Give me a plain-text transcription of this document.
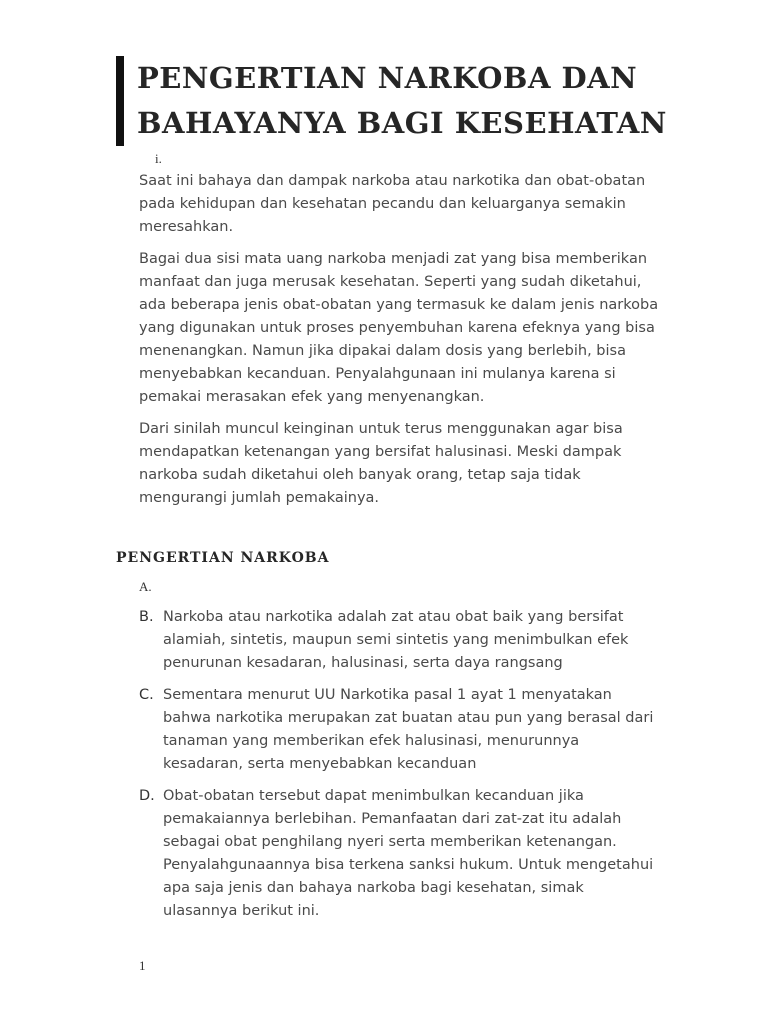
PENGERTIAN NARKOBA DAN BAHAYANYA BAGI KESEHATAN
i.

Saat ini bahaya dan dampak narkoba atau narkotika dan obat-obatan pada kehidupan dan kesehatan pecandu dan keluarganya semakin meresahkan.

Bagai dua sisi mata uang narkoba menjadi zat yang bisa memberikan manfaat dan juga merusak kesehatan. Seperti yang sudah diketahui, ada beberapa jenis obat-obatan yang termasuk ke dalam jenis narkoba yang digunakan untuk proses penyembuhan karena efeknya yang bisa menenangkan. Namun jika dipakai dalam dosis yang berlebih, bisa menyebabkan kecanduan. Penyalahgunaan ini mulanya karena si pemakai merasakan efek yang menyenangkan.

Dari sinilah muncul keinginan untuk terus menggunakan agar bisa mendapatkan ketenangan yang bersifat halusinasi. Meski dampak narkoba sudah diketahui oleh banyak orang, tetap saja tidak mengurangi jumlah pemakainya.

PENGERTIAN NARKOBA
A.
B. Narkoba atau narkotika adalah zat atau obat baik yang bersifat alamiah, sintetis, maupun semi sintetis yang menimbulkan efek penurunan kesadaran, halusinasi, serta daya rangsang
C. Sementara menurut UU Narkotika pasal 1 ayat 1 menyatakan bahwa narkotika merupakan zat buatan atau pun yang berasal dari tanaman yang memberikan efek halusinasi, menurunnya kesadaran, serta menyebabkan kecanduan
D. Obat-obatan tersebut dapat menimbulkan kecanduan jika pemakaiannya berlebihan. Pemanfaatan dari zat-zat itu adalah sebagai obat penghilang nyeri serta memberikan ketenangan. Penyalahgunaannya bisa terkena sanksi hukum. Untuk mengetahui apa saja jenis dan bahaya narkoba bagi kesehatan, simak ulasannya berikut ini.
1
